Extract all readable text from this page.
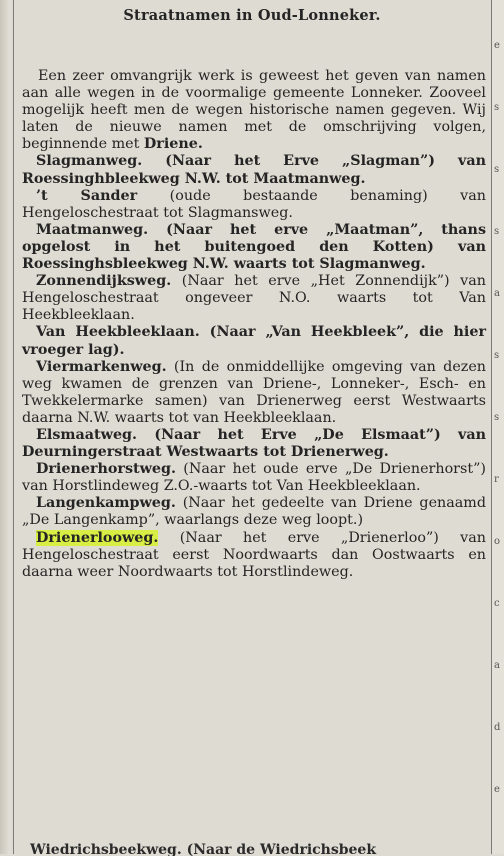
e
s
s
s
a
s
s
r
o
c
a
d
e
Straatnamen in Oud-Lonneker.

Een zeer omvangrijk werk is geweest het geven van namen aan alle wegen in de voormalige gemeente Lonneker. Zooveel mogelijk heeft men de wegen historische namen gegeven. Wij laten de nieuwe namen met de omschrijving volgen, beginnende met Driene.

Slagmanweg. (Naar het Erve „Slagman”) van Roessinghbleekweg N.W. tot Maatmanweg.

’t Sander (oude bestaande benaming) van Hengeloschestraat tot Slagmansweg.

Maatmanweg. (Naar het erve „Maatman”, thans opgelost in het buitengoed den Kotten) van Roessinghsbleekweg N.W. waarts tot Slagmanweg.

Zonnendijksweg. (Naar het erve „Het Zonnendijk”) van Hengeloschestraat ongeveer N.O. waarts tot Van Heekbleeklaan.

Van Heekbleeklaan. (Naar „Van Heekbleek”, die hier vroeger lag).

Viermarkenweg. (In de onmiddellijke omgeving van dezen weg kwamen de grenzen van Driene-, Lonneker-, Esch- en Twekkelermarke samen) van Drienerweg eerst Westwaarts daarna N.W. waarts tot van Heekbleeklaan.

Elsmaatweg. (Naar het Erve „De Elsmaat”) van Deurningerstraat Westwaarts tot Drienerweg.

Drienerhorstweg. (Naar het oude erve „De Drienerhorst”) van Horstlindeweg Z.O.-waarts tot Van Heekbleeklaan.

Langenkampweg. (Naar het gedeelte van Driene genaamd „De Langenkamp”, waarlangs deze weg loopt.)

Drienerlooweg. (Naar het erve „Drienerloo”) van Hengeloschestraat eerst Noordwaarts dan Oostwaarts en daarna weer Noordwaarts tot Horstlindeweg.

Wiedrichsbeekweg. (Naar de Wiedrichsbeek
